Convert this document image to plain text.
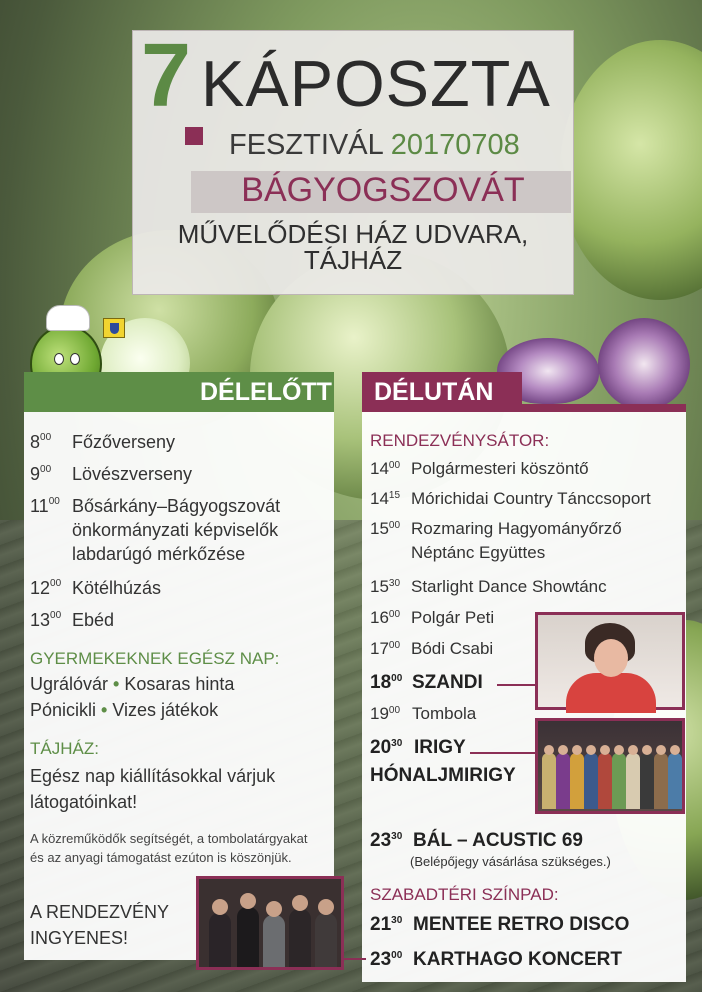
7 KÁPOSZTA
FESZTIVÁL 20170708
BÁGYOGSZOVÁT
MŰVELŐDÉSI HÁZ UDVARA, TÁJHÁZ
DÉLELŐTT
$8^{00}$ Főzőverseny
$9^{00}$ Lövészverseny
$11^{00}$ Bősárkány–Bágyogszovát
önkormányzati képviselők
labdarúgó mérkőzése
$12^{00}$ Kötélhúzás
$13^{00}$ Ebéd
GYERMEKEKNEK EGÉSZ NAP:
Ugrálóvár • Kosaras hinta
Pónicikli • Vizes játékok
TÁJHÁZ:
Egész nap kiállításokkal várjuk
látogatóinkat!
A közreműködők segítségét, a tombolatárgyakat
és az anyagi támogatást ezúton is köszönjük.
A RENDEZVÉNY
INGYENES!
DÉLUTÁN
RENDEZVÉNYSÁTOR:
$14^{00}$ Polgármesteri köszöntő
$14^{15}$ Mórichidai Country Tánccsoport
$15^{00}$ Rozmaring Hagyományőrző
Néptánc Együttes
$15^{30}$ Starlight Dance Showtánc
$16^{00}$ Polgár Peti
$17^{00}$ Bódi Csabi
$18^{00}$ SZANDI
$19^{00}$ Tombola
$20^{30}$ IRIGY
HÓNALJMIRIGY
$23^{30}$ BÁL – ACUSTIC 69
(Belépőjegy vásárlása szükséges.)
SZABADTÉRI SZÍNPAD:
$21^{30}$ MENTEE RETRO DISCO
$23^{00}$ KARTHAGO KONCERT
